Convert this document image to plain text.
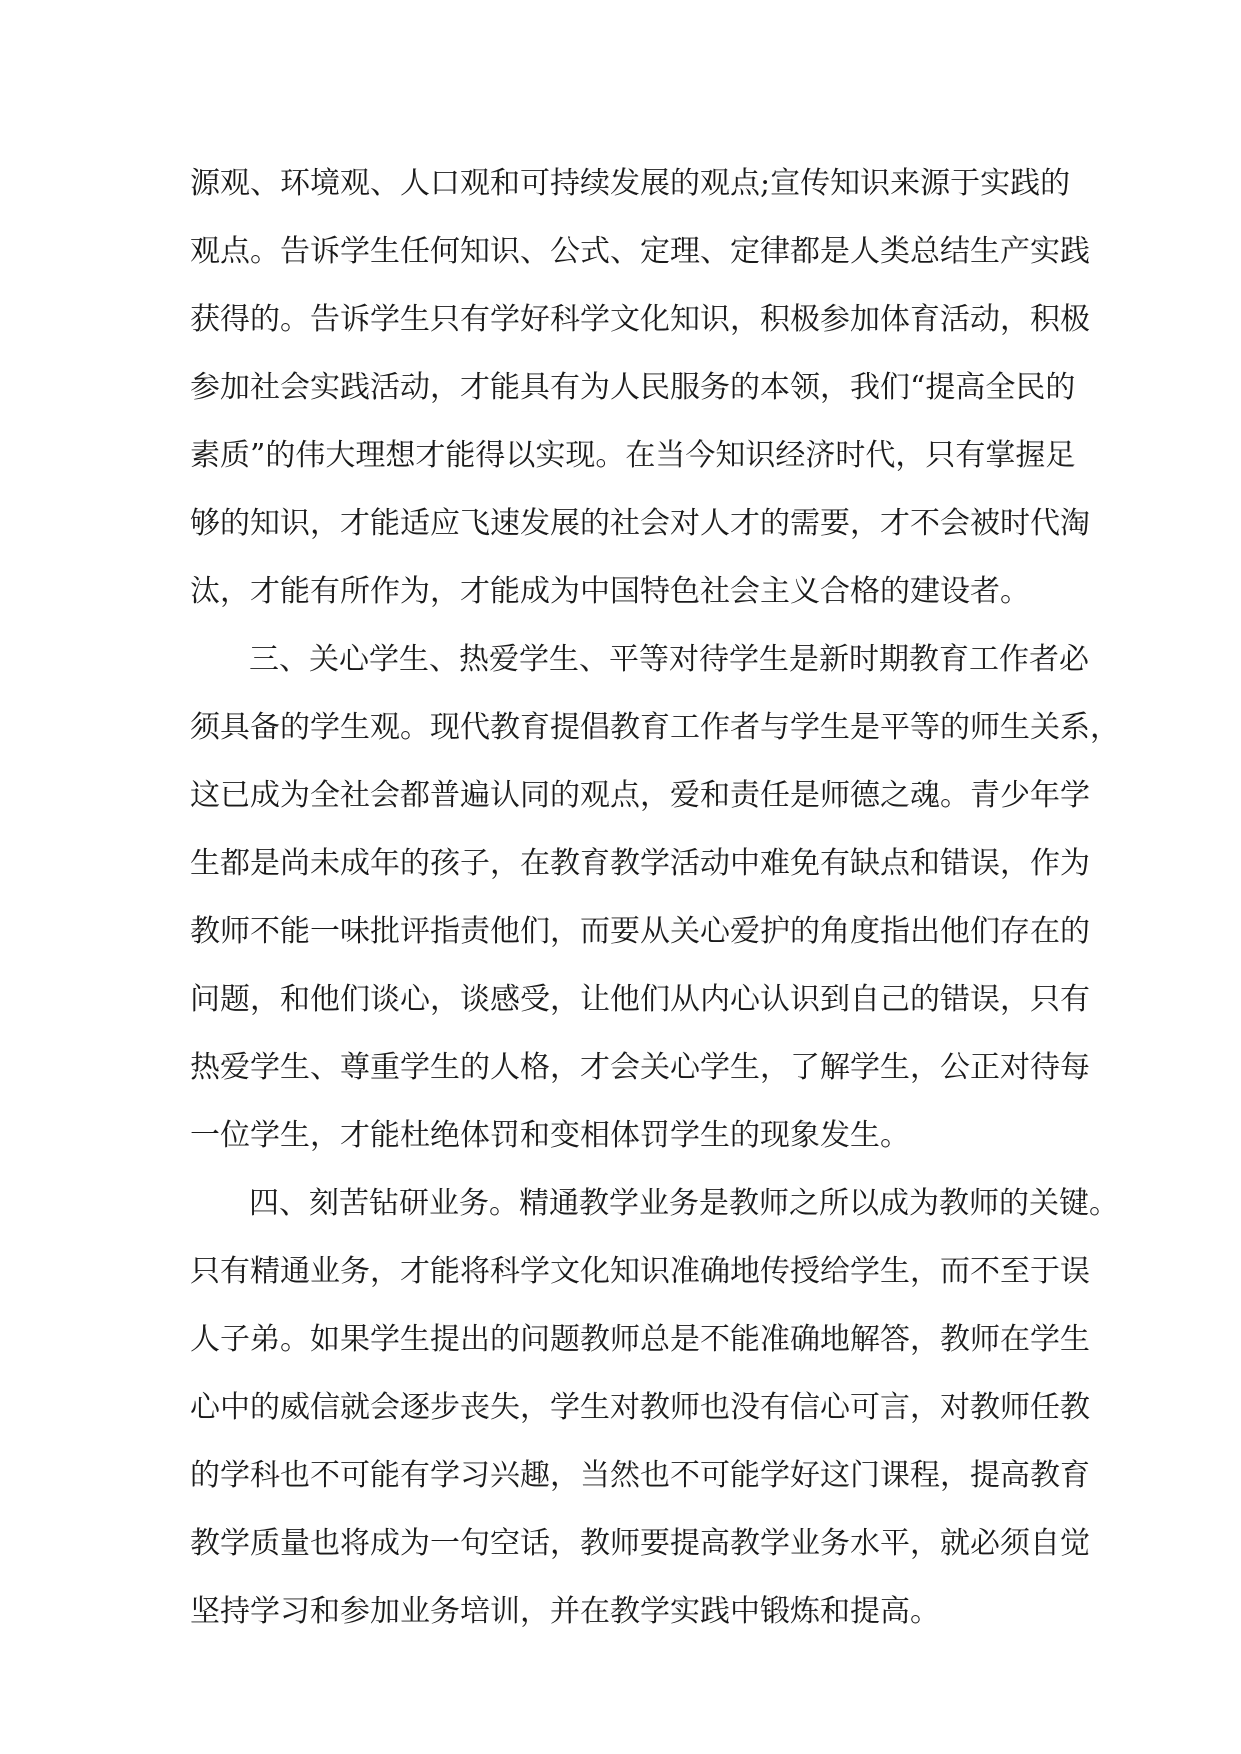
源观、环境观、人口观和可持续发展的观点;宣传知识来源于实践的
观点。告诉学生任何知识、公式、定理、定律都是人类总结生产实践
获得的。告诉学生只有学好科学文化知识，积极参加体育活动，积极
参加社会实践活动，才能具有为人民服务的本领，我们“提高全民的
素质”的伟大理想才能得以实现。在当今知识经济时代，只有掌握足
够的知识，才能适应飞速发展的社会对人才的需要，才不会被时代淘
汰，才能有所作为，才能成为中国特色社会主义合格的建设者。
三、关心学生、热爱学生、平等对待学生是新时期教育工作者必
须具备的学生观。现代教育提倡教育工作者与学生是平等的师生关系，
这已成为全社会都普遍认同的观点，爱和责任是师德之魂。青少年学
生都是尚未成年的孩子，在教育教学活动中难免有缺点和错误，作为
教师不能一味批评指责他们，而要从关心爱护的角度指出他们存在的
问题，和他们谈心，谈感受，让他们从内心认识到自己的错误，只有
热爱学生、尊重学生的人格，才会关心学生，了解学生，公正对待每
一位学生，才能杜绝体罚和变相体罚学生的现象发生。
四、刻苦钻研业务。精通教学业务是教师之所以成为教师的关键。
只有精通业务，才能将科学文化知识准确地传授给学生，而不至于误
人子弟。如果学生提出的问题教师总是不能准确地解答，教师在学生
心中的威信就会逐步丧失，学生对教师也没有信心可言，对教师任教
的学科也不可能有学习兴趣，当然也不可能学好这门课程，提高教育
教学质量也将成为一句空话，教师要提高教学业务水平，就必须自觉
坚持学习和参加业务培训，并在教学实践中锻炼和提高。
